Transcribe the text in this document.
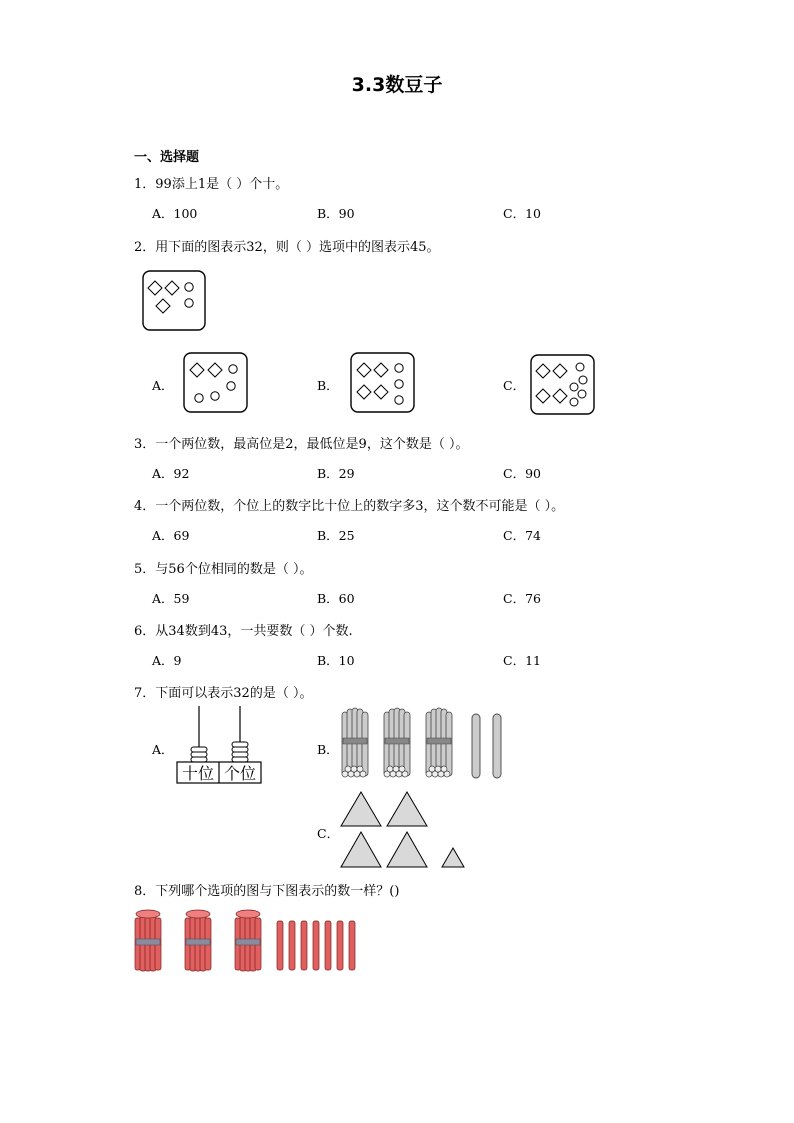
3.3数豆子
一、选择题
1．99添上1是（ ）个十。
A．100	B．90	C．10
2．用下面的图表示32，则（ ）选项中的图表示45。
A．	B．	C．
3．一个两位数，最高位是2，最低位是9，这个数是（ ）。
A．92	B．29	C．90
4．一个两位数，个位上的数字比十位上的数字多3，这个数不可能是（ ）。
A．69	B．25	C．74
5．与56个位相同的数是（ ）。
A．59	B．60	C．76
6．从34数到43，一共要数（ ）个数.
A．9	B．10	C．11
7．下面可以表示32的是（ ）。
A．
十位 个位
B．
C．
8．下列哪个选项的图与下图表示的数一样？()
